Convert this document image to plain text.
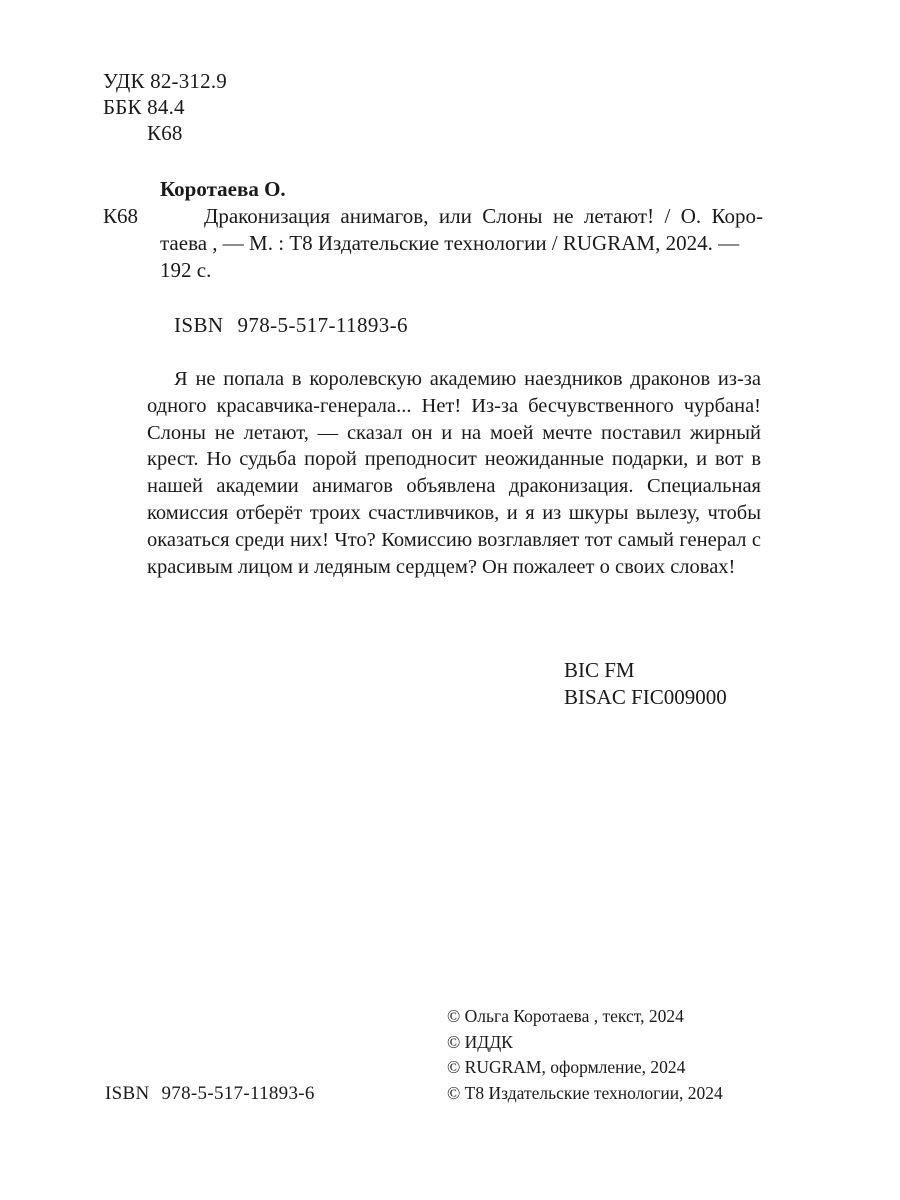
УДК 82-312.9
ББК 84.4
К68
Коротаева О.
К68	Драконизация анимагов, или Слоны не летают! / О. Коро-
таева , — М. : Т8 Издательские технологии / RUGRAM, 2024. —
192 с.
ISBN 978-5-517-11893-6
Я не попала в королевскую академию наездников драконов из-за одного красавчика-генерала... Нет! Из-за бесчувственного чурбана! Слоны не летают, — сказал он и на моей мечте поставил жирный крест. Но судьба порой преподносит неожиданные подарки, и вот в нашей академии анимагов объявлена драконизация. Специальная комиссия отберёт троих счастливчиков, и я из шкуры вылезу, чтобы оказаться среди них! Что? Комиссию возглавляет тот самый генерал с красивым лицом и ледяным сердцем? Он пожалеет о своих словах!
BIC FM
BISAC FIC009000
© Ольга Коротаева , текст, 2024
© ИДДК
© RUGRAM, оформление, 2024
© Т8 Издательские технологии, 2024
ISBN 978-5-517-11893-6
